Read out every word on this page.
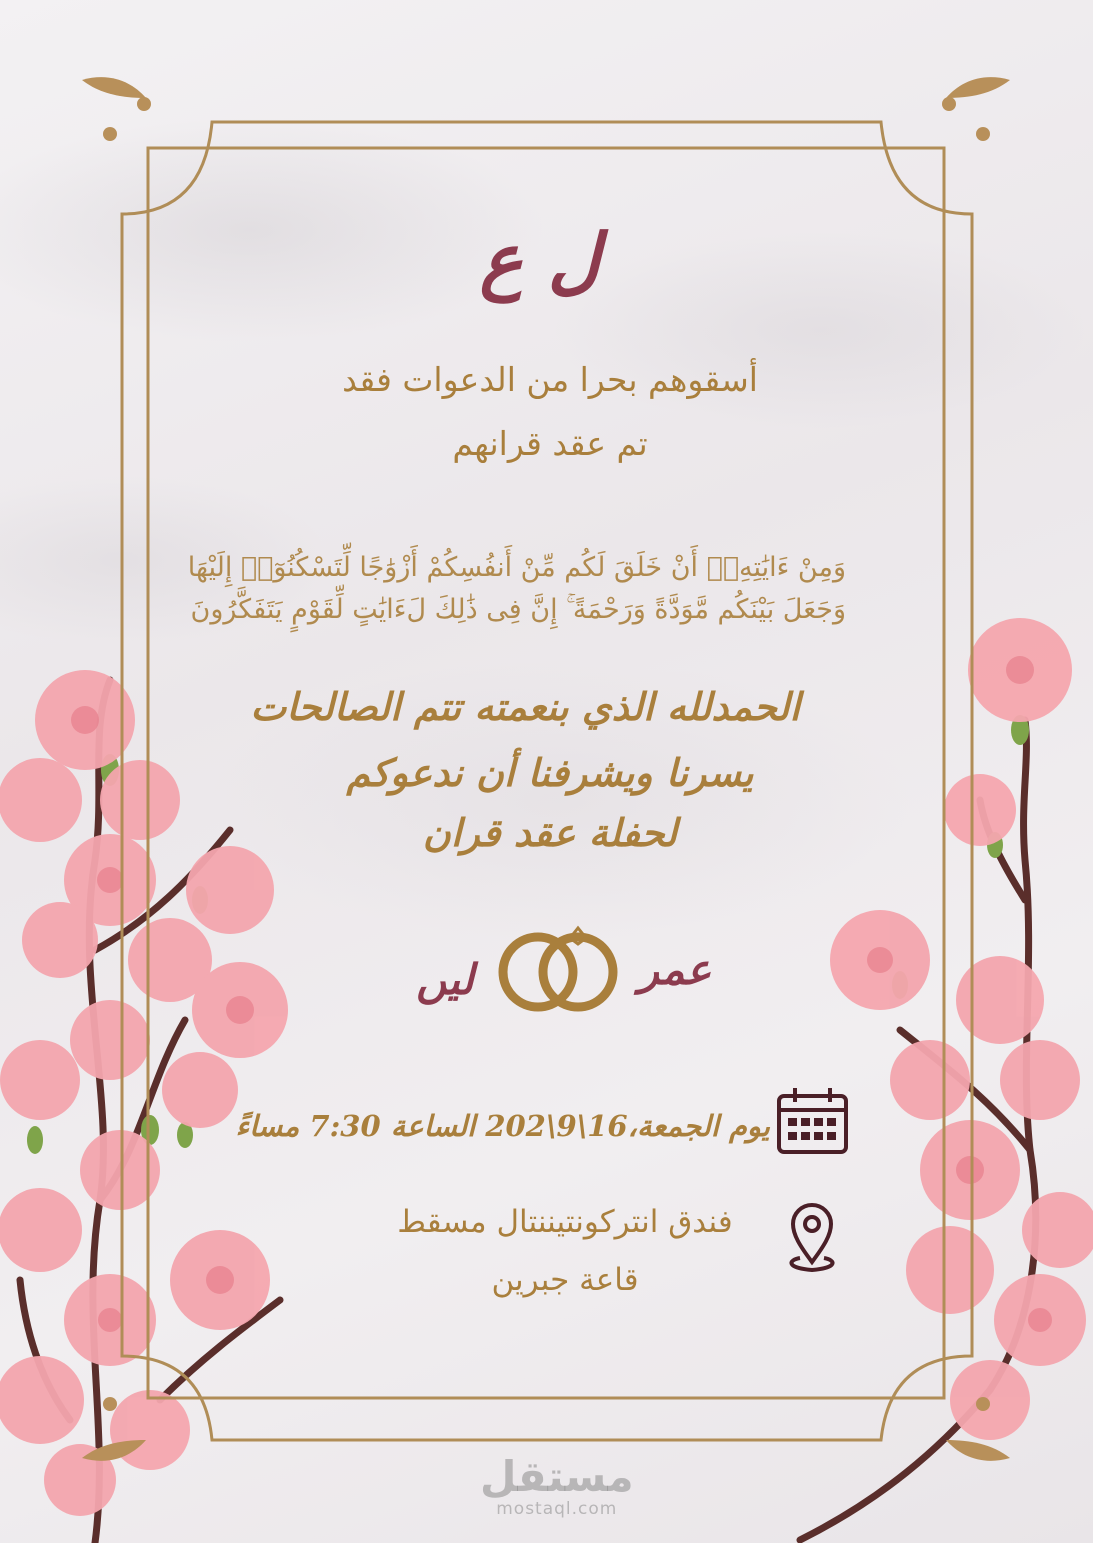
ل ع
أسقوهم بحرا من الدعوات فقد
تم عقد قرانهم
وَمِنْ ءَايَٰتِهِۦٓ أَنْ خَلَقَ لَكُم مِّنْ أَنفُسِكُمْ أَزْوَٰجًا لِّتَسْكُنُوٓا۟ إِلَيْهَا
وَجَعَلَ بَيْنَكُم مَّوَدَّةً وَرَحْمَةً ۚ إِنَّ فِى ذَٰلِكَ لَءَايَٰتٍ لِّقَوْمٍ يَتَفَكَّرُونَ
الحمدلله الذي بنعمته تتم الصالحات
يسرنا ويشرفنا أن ندعوكم
لحفلة عقد قران
عمر
ليں
يوم الجمعة،16\9\202 الساعة 7:30 مساءً
فندق انتركونتيننتال مسقط
قاعة جبرين
مستقل
mostaql.com
